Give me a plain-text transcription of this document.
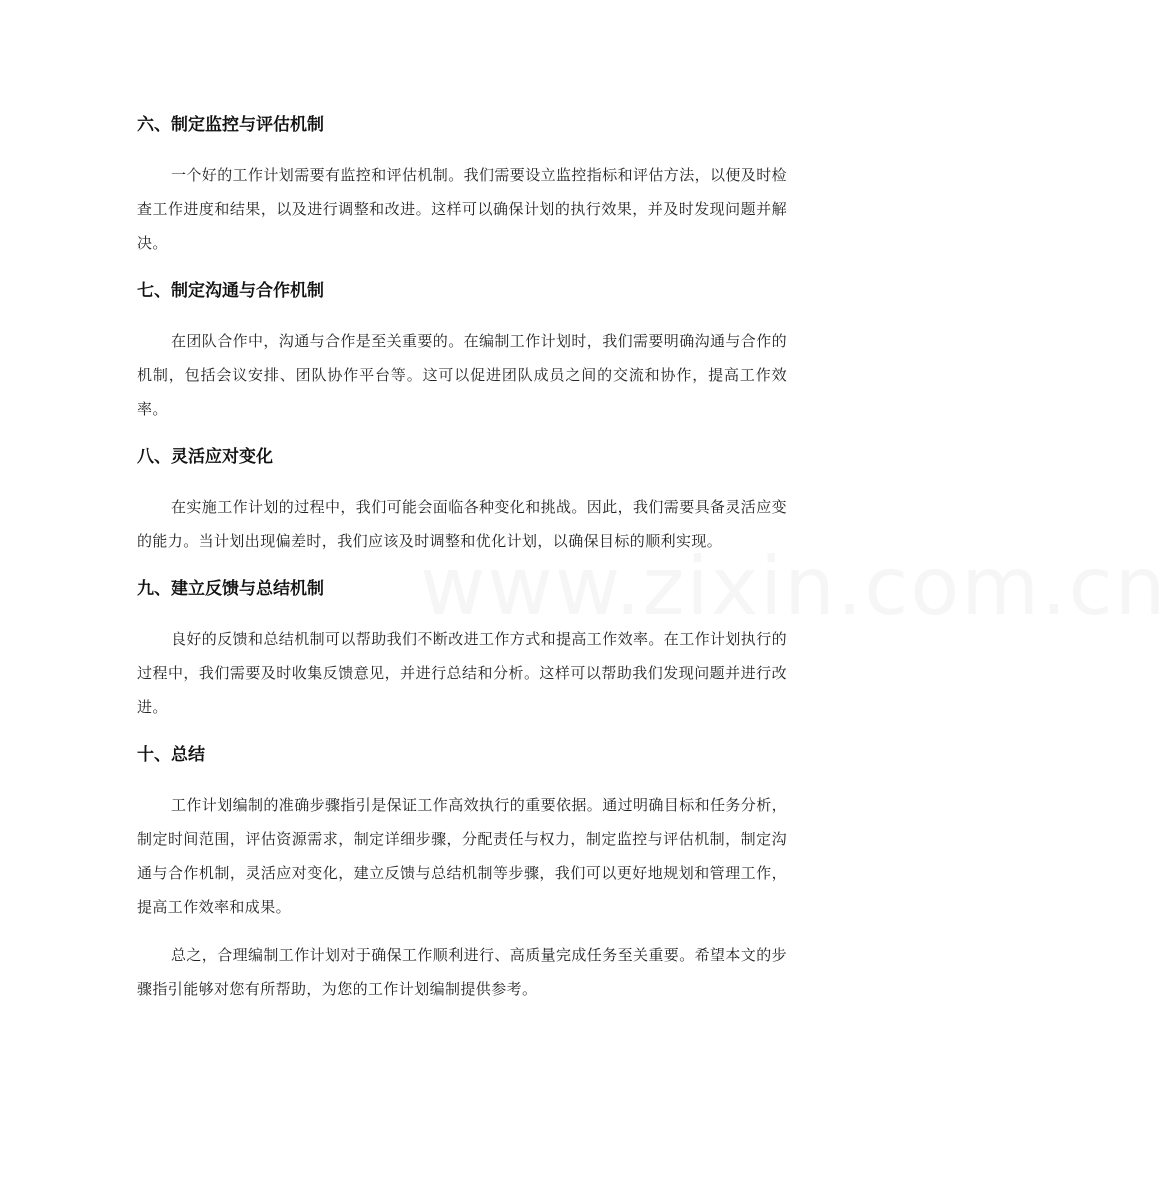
www.zixin.com.cn
六、制定监控与评估机制

一个好的工作计划需要有监控和评估机制。我们需要设立监控指标和评估方法，以便及时检查工作进度和结果，以及进行调整和改进。这样可以确保计划的执行效果，并及时发现问题并解决。

七、制定沟通与合作机制

在团队合作中，沟通与合作是至关重要的。在编制工作计划时，我们需要明确沟通与合作的机制，包括会议安排、团队协作平台等。这可以促进团队成员之间的交流和协作，提高工作效率。

八、灵活应对变化

在实施工作计划的过程中，我们可能会面临各种变化和挑战。因此，我们需要具备灵活应变的能力。当计划出现偏差时，我们应该及时调整和优化计划，以确保目标的顺利实现。

九、建立反馈与总结机制

良好的反馈和总结机制可以帮助我们不断改进工作方式和提高工作效率。在工作计划执行的过程中，我们需要及时收集反馈意见，并进行总结和分析。这样可以帮助我们发现问题并进行改进。

十、总结

工作计划编制的准确步骤指引是保证工作高效执行的重要依据。通过明确目标和任务分析，制定时间范围，评估资源需求，制定详细步骤，分配责任与权力，制定监控与评估机制，制定沟通与合作机制，灵活应对变化，建立反馈与总结机制等步骤，我们可以更好地规划和管理工作，提高工作效率和成果。

总之，合理编制工作计划对于确保工作顺利进行、高质量完成任务至关重要。希望本文的步骤指引能够对您有所帮助，为您的工作计划编制提供参考。
